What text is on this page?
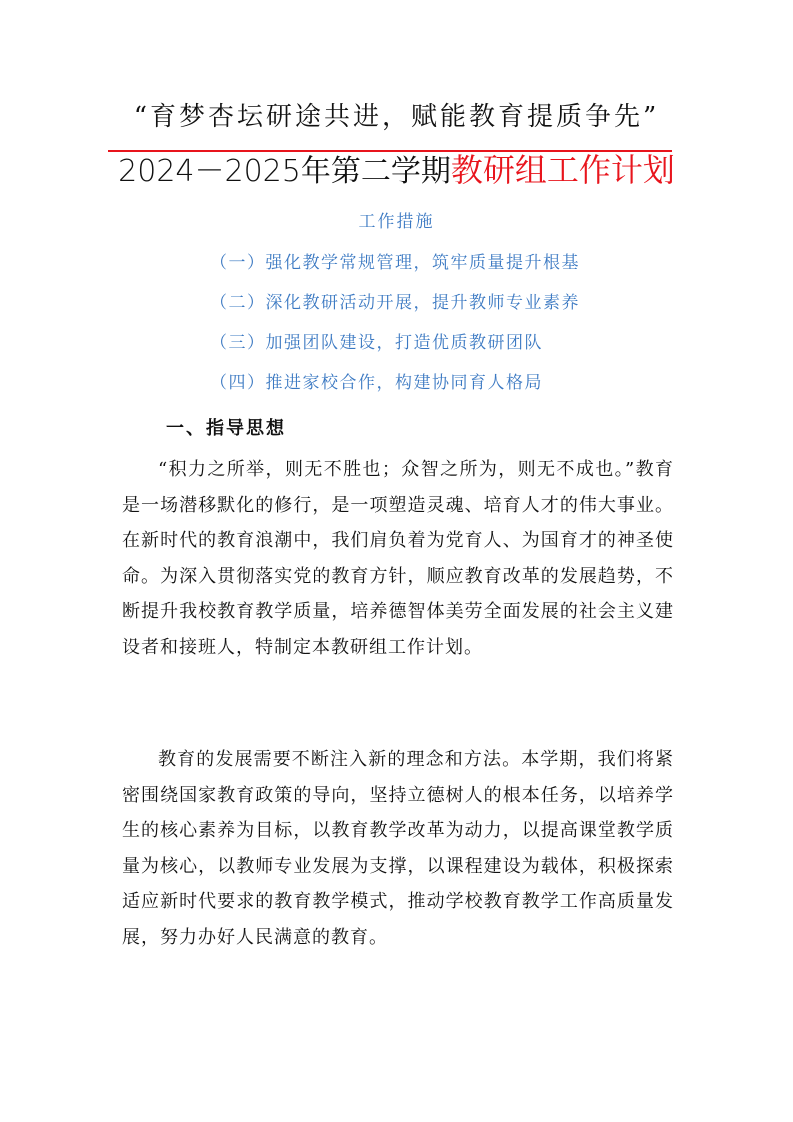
“育梦杏坛研途共进，赋能教育提质争先”
2024－2025年第二学期教研组工作计划
工作措施
（一）强化教学常规管理，筑牢质量提升根基
（二）深化教研活动开展，提升教师专业素养
（三）加强团队建设，打造优质教研团队
（四）推进家校合作，构建协同育人格局
一、指导思想

“积力之所举，则无不胜也；众智之所为，则无不成也。”教育是一场潜移默化的修行，是一项塑造灵魂、培育人才的伟大事业。在新时代的教育浪潮中，我们肩负着为党育人、为国育才的神圣使命。为深入贯彻落实党的教育方针，顺应教育改革的发展趋势，不断提升我校教育教学质量，培养德智体美劳全面发展的社会主义建设者和接班人，特制定本教研组工作计划。

教育的发展需要不断注入新的理念和方法。本学期，我们将紧密围绕国家教育政策的导向，坚持立德树人的根本任务，以培养学生的核心素养为目标，以教育教学改革为动力，以提高课堂教学质量为核心，以教师专业发展为支撑，以课程建设为载体，积极探索适应新时代要求的教育教学模式，推动学校教育教学工作高质量发展，努力办好人民满意的教育。
